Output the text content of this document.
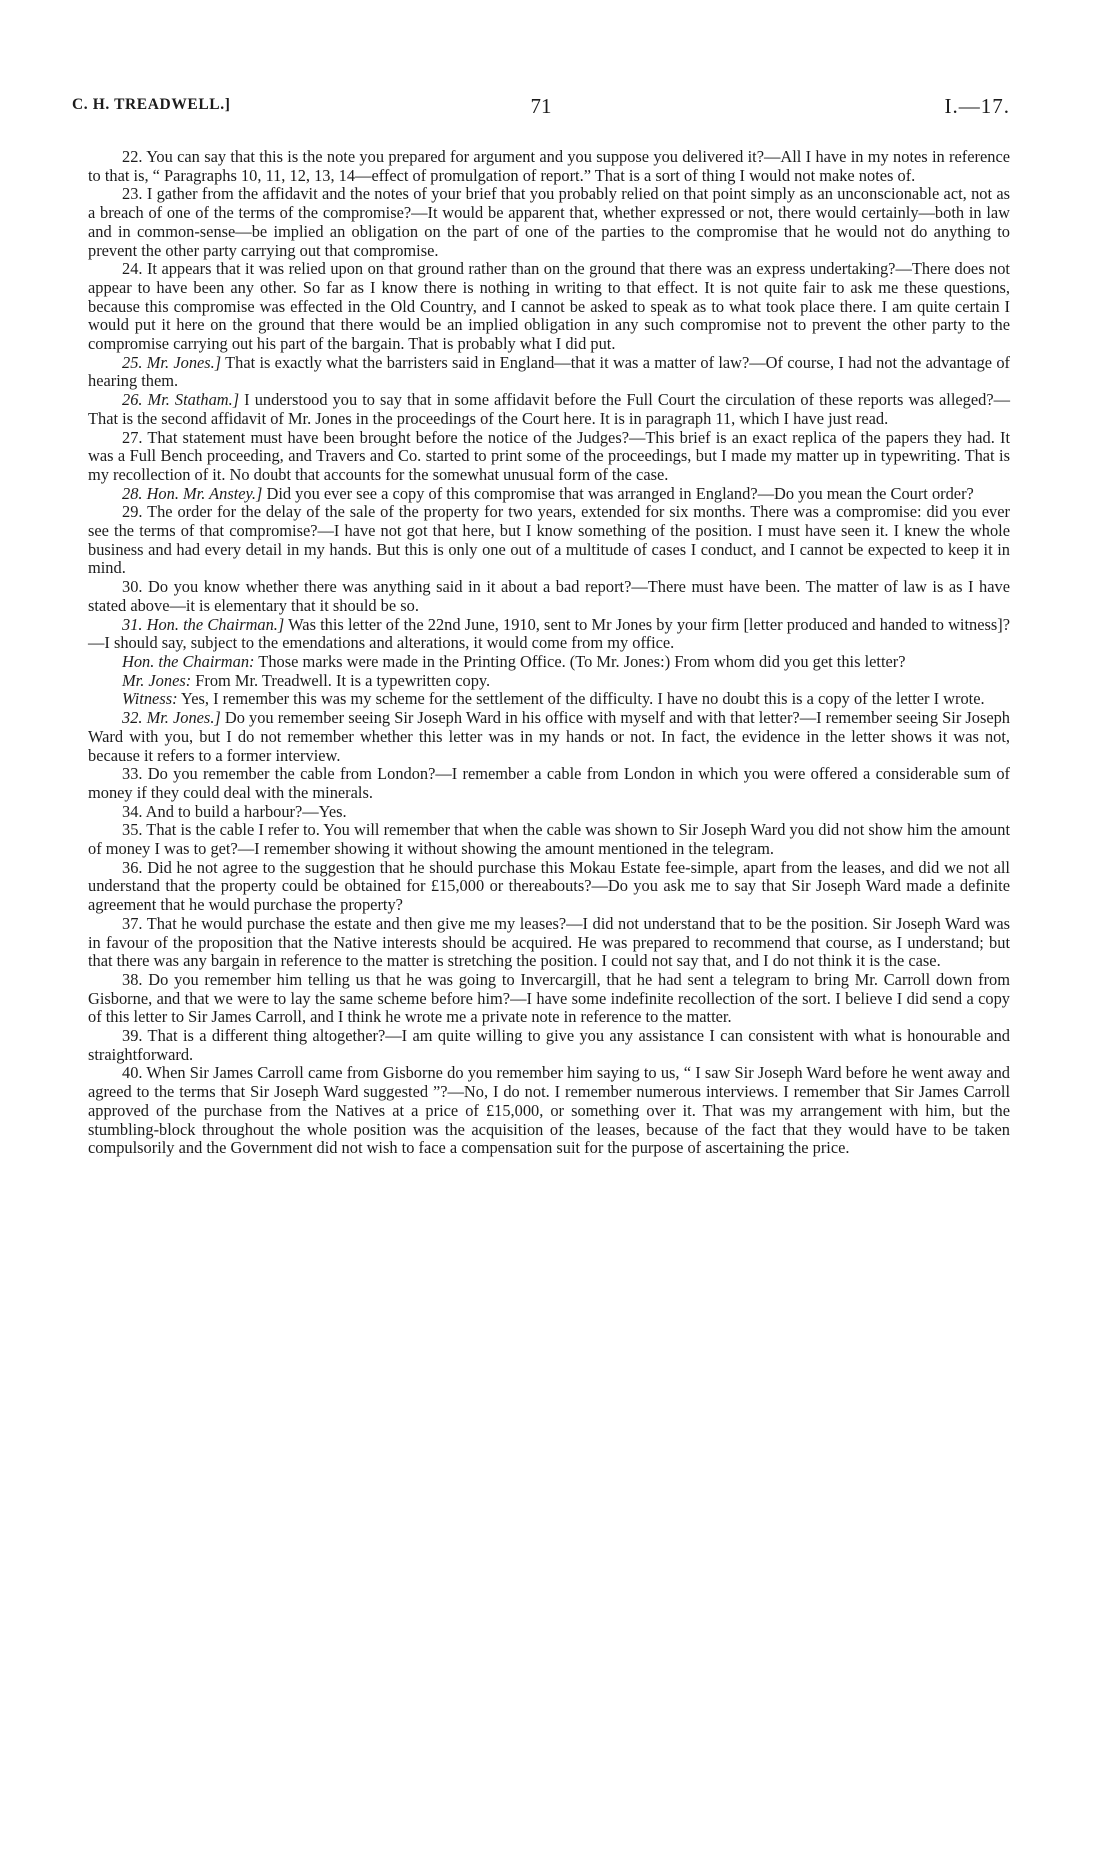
C. H. TREADWELL.]	71	I.—17.

22. You can say that this is the note you prepared for argument and you suppose you delivered it?—All I have in my notes in reference to that is, “ Paragraphs 10, 11, 12, 13, 14—effect of promulgation of report.” That is a sort of thing I would not make notes of.

23. I gather from the affidavit and the notes of your brief that you probably relied on that point simply as an unconscionable act, not as a breach of one of the terms of the compromise?—It would be apparent that, whether expressed or not, there would certainly—both in law and in common-sense—be implied an obligation on the part of one of the parties to the compromise that he would not do anything to prevent the other party carrying out that compromise.

24. It appears that it was relied upon on that ground rather than on the ground that there was an express undertaking?—There does not appear to have been any other. So far as I know there is nothing in writing to that effect. It is not quite fair to ask me these questions, because this compromise was effected in the Old Country, and I cannot be asked to speak as to what took place there. I am quite certain I would put it here on the ground that there would be an implied obligation in any such compromise not to prevent the other party to the compromise carrying out his part of the bargain. That is probably what I did put.

25. Mr. Jones.] That is exactly what the barristers said in England—that it was a matter of law?—Of course, I had not the advantage of hearing them.

26. Mr. Statham.] I understood you to say that in some affidavit before the Full Court the circulation of these reports was alleged?—That is the second affidavit of Mr. Jones in the proceedings of the Court here. It is in paragraph 11, which I have just read.

27. That statement must have been brought before the notice of the Judges?—This brief is an exact replica of the papers they had. It was a Full Bench proceeding, and Travers and Co. started to print some of the proceedings, but I made my matter up in typewriting. That is my recollection of it. No doubt that accounts for the somewhat unusual form of the case.

28. Hon. Mr. Anstey.] Did you ever see a copy of this compromise that was arranged in England?—Do you mean the Court order?

29. The order for the delay of the sale of the property for two years, extended for six months. There was a compromise: did you ever see the terms of that compromise?—I have not got that here, but I know something of the position. I must have seen it. I knew the whole business and had every detail in my hands. But this is only one out of a multitude of cases I conduct, and I cannot be expected to keep it in mind.

30. Do you know whether there was anything said in it about a bad report?—There must have been. The matter of law is as I have stated above—it is elementary that it should be so.

31. Hon. the Chairman.] Was this letter of the 22nd June, 1910, sent to Mr Jones by your firm [letter produced and handed to witness]?—I should say, subject to the emendations and alterations, it would come from my office.

Hon. the Chairman: Those marks were made in the Printing Office. (To Mr. Jones:) From whom did you get this letter?

Mr. Jones: From Mr. Treadwell. It is a typewritten copy.

Witness: Yes, I remember this was my scheme for the settlement of the difficulty. I have no doubt this is a copy of the letter I wrote.

32. Mr. Jones.] Do you remember seeing Sir Joseph Ward in his office with myself and with that letter?—I remember seeing Sir Joseph Ward with you, but I do not remember whether this letter was in my hands or not. In fact, the evidence in the letter shows it was not, because it refers to a former interview.

33. Do you remember the cable from London?—I remember a cable from London in which you were offered a considerable sum of money if they could deal with the minerals.

34. And to build a harbour?—Yes.

35. That is the cable I refer to. You will remember that when the cable was shown to Sir Joseph Ward you did not show him the amount of money I was to get?—I remember showing it without showing the amount mentioned in the telegram.

36. Did he not agree to the suggestion that he should purchase this Mokau Estate fee-simple, apart from the leases, and did we not all understand that the property could be obtained for £15,000 or thereabouts?—Do you ask me to say that Sir Joseph Ward made a definite agreement that he would purchase the property?

37. That he would purchase the estate and then give me my leases?—I did not understand that to be the position. Sir Joseph Ward was in favour of the proposition that the Native interests should be acquired. He was prepared to recommend that course, as I understand; but that there was any bargain in reference to the matter is stretching the position. I could not say that, and I do not think it is the case.

38. Do you remember him telling us that he was going to Invercargill, that he had sent a telegram to bring Mr. Carroll down from Gisborne, and that we were to lay the same scheme before him?—I have some indefinite recollection of the sort. I believe I did send a copy of this letter to Sir James Carroll, and I think he wrote me a private note in reference to the matter.

39. That is a different thing altogether?—I am quite willing to give you any assistance I can consistent with what is honourable and straightforward.

40. When Sir James Carroll came from Gisborne do you remember him saying to us, “ I saw Sir Joseph Ward before he went away and agreed to the terms that Sir Joseph Ward suggested ”?—No, I do not. I remember numerous interviews. I remember that Sir James Carroll approved of the purchase from the Natives at a price of £15,000, or something over it. That was my arrangement with him, but the stumbling-block throughout the whole position was the acquisition of the leases, because of the fact that they would have to be taken compulsorily and the Government did not wish to face a compensation suit for the purpose of ascertaining the price.
